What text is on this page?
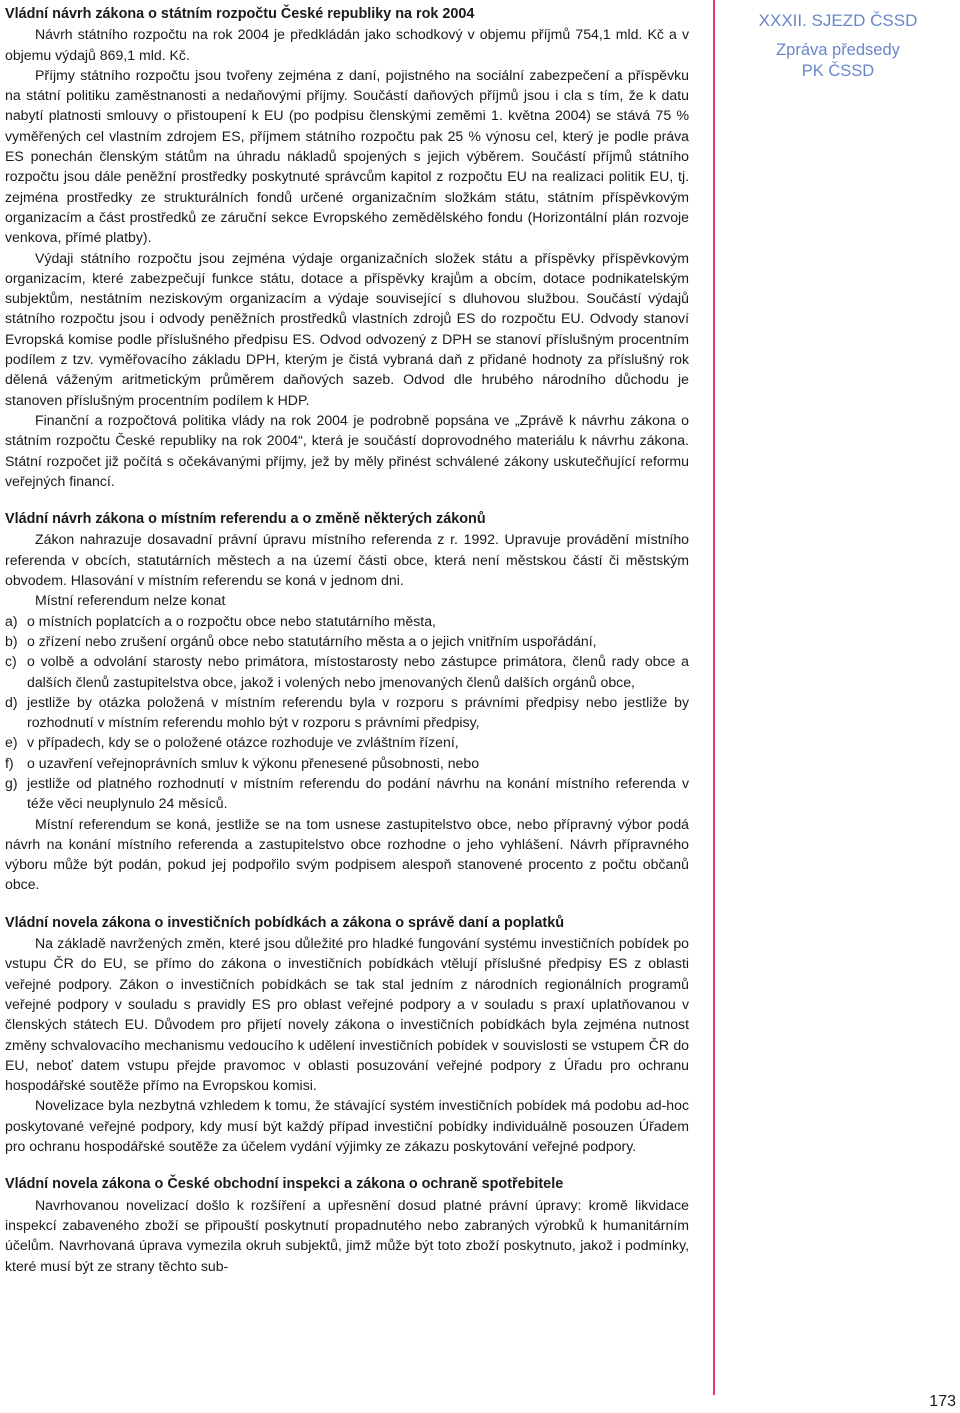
Vládní návrh zákona o státním rozpočtu České republiky na rok 2004

Návrh státního rozpočtu na rok 2004 je předkládán jako schodkový v objemu příjmů 754,1 mld. Kč a v objemu výdajů 869,1 mld. Kč.

Příjmy státního rozpočtu jsou tvořeny zejména z daní, pojistného na sociální zabezpečení a příspěvku na státní politiku zaměstnanosti a nedaňovými příjmy. Součástí daňových příjmů jsou i cla s tím, že k datu nabytí platnosti smlouvy o přistoupení k EU (po podpisu členskými zeměmi 1. května 2004) se stává 75 % vyměřených cel vlastním zdrojem ES, příjmem státního rozpočtu pak 25 % výnosu cel, který je podle práva ES ponechán členským státům na úhradu nákladů spojených s jejich výběrem. Součástí příjmů státního rozpočtu jsou dále peněžní prostředky poskytnuté správcům kapitol z rozpočtu EU na realizaci politik EU, tj. zejména prostředky ze strukturálních fondů určené organizačním složkám státu, státním příspěvkovým organizacím a část prostředků ze záruční sekce Evropského zemědělského fondu (Horizontální plán rozvoje venkova, přímé platby).

Výdaji státního rozpočtu jsou zejména výdaje organizačních složek státu a příspěvky příspěvkovým organizacím, které zabezpečují funkce státu, dotace a příspěvky krajům a obcím, dotace podnikatelským subjektům, nestátním neziskovým organizacím a výdaje související s dluhovou službou. Součástí výdajů státního rozpočtu jsou i odvody peněžních prostředků vlastních zdrojů ES do rozpočtu EU. Odvody stanoví Evropská komise podle příslušného předpisu ES. Odvod odvozený z DPH se stanoví příslušným procentním podílem z tzv. vyměřovacího základu DPH, kterým je čistá vybraná daň z přidané hodnoty za příslušný rok dělená váženým aritmetickým průměrem daňových sazeb. Odvod dle hrubého národního důchodu je stanoven příslušným procentním podílem k HDP.

Finanční a rozpočtová politika vlády na rok 2004 je podrobně popsána ve „Zprávě k návrhu zákona o státním rozpočtu České republiky na rok 2004“, která je součástí doprovodného materiálu k návrhu zákona. Státní rozpočet již počítá s očekávanými příjmy, jež by měly přinést schválené zákony uskutečňující reformu veřejných financí.

Vládní návrh zákona o místním referendu a o změně některých zákonů

Zákon nahrazuje dosavadní právní úpravu místního referenda z r. 1992. Upravuje provádění místního referenda v obcích, statutárních městech a na území části obce, která není městskou částí či městským obvodem. Hlasování v místním referendu se koná v jednom dni.

Místní referendum nelze konat

a) o místních poplatcích a o rozpočtu obce nebo statutárního města,
b) o zřízení nebo zrušení orgánů obce nebo statutárního města a o jejich vnitřním uspořádání,
c) o volbě a odvolání starosty nebo primátora, místostarosty nebo zástupce primátora, členů rady obce a dalších členů zastupitelstva obce, jakož i volených nebo jmenovaných členů dalších orgánů obce,
d) jestliže by otázka položená v místním referendu byla v rozporu s právními předpisy nebo jestliže by rozhodnutí v místním referendu mohlo být v rozporu s právními předpisy,
e) v případech, kdy se o položené otázce rozhoduje ve zvláštním řízení,
f) o uzavření veřejnoprávních smluv k výkonu přenesené působnosti, nebo
g) jestliže od platného rozhodnutí v místním referendu do podání návrhu na konání místního referenda v téže věci neuplynulo 24 měsíců.

Místní referendum se koná, jestliže se na tom usnese zastupitelstvo obce, nebo přípravný výbor podá návrh na konání místního referenda a zastupitelstvo obce rozhodne o jeho vyhlášení. Návrh přípravného výboru může být podán, pokud jej podpořilo svým podpisem alespoň stanovené procento z počtu občanů obce.

Vládní novela zákona o investičních pobídkách a zákona o správě daní a poplatků

Na základě navržených změn, které jsou důležité pro hladké fungování systému investičních pobídek po vstupu ČR do EU, se přímo do zákona o investičních pobídkách vtělují příslušné předpisy ES z oblasti veřejné podpory. Zákon o investičních pobídkách se tak stal jedním z národních regionálních programů veřejné podpory v souladu s pravidly ES pro oblast veřejné podpory a v souladu s praxí uplatňovanou v členských státech EU. Důvodem pro přijetí novely zákona o investičních pobídkách byla zejména nutnost změny schvalovacího mechanismu vedoucího k udělení investičních pobídek v souvislosti se vstupem ČR do EU, neboť datem vstupu přejde pravomoc v oblasti posuzování veřejné podpory z Úřadu pro ochranu hospodářské soutěže přímo na Evropskou komisi.

Novelizace byla nezbytná vzhledem k tomu, že stávající systém investičních pobídek má podobu ad-hoc poskytované veřejné podpory, kdy musí být každý případ investiční pobídky individuálně posouzen Úřadem pro ochranu hospodářské soutěže za účelem vydání výjimky ze zákazu poskytování veřejné podpory.

Vládní novela zákona o České obchodní inspekci a zákona o ochraně spotřebitele

Navrhovanou novelizací došlo k rozšíření a upřesnění dosud platné právní úpravy: kromě likvidace inspekcí zabaveného zboží se připouští poskytnutí propadnutého nebo zabraných výrobků k humanitárním účelům. Navrhovaná úprava vymezila okruh subjektů, jimž může být toto zboží poskytnuto, jakož i podmínky, které musí být ze strany těchto sub-

XXXII. SJEZD ČSSD
Zpráva předsedy
PK ČSSD
173
